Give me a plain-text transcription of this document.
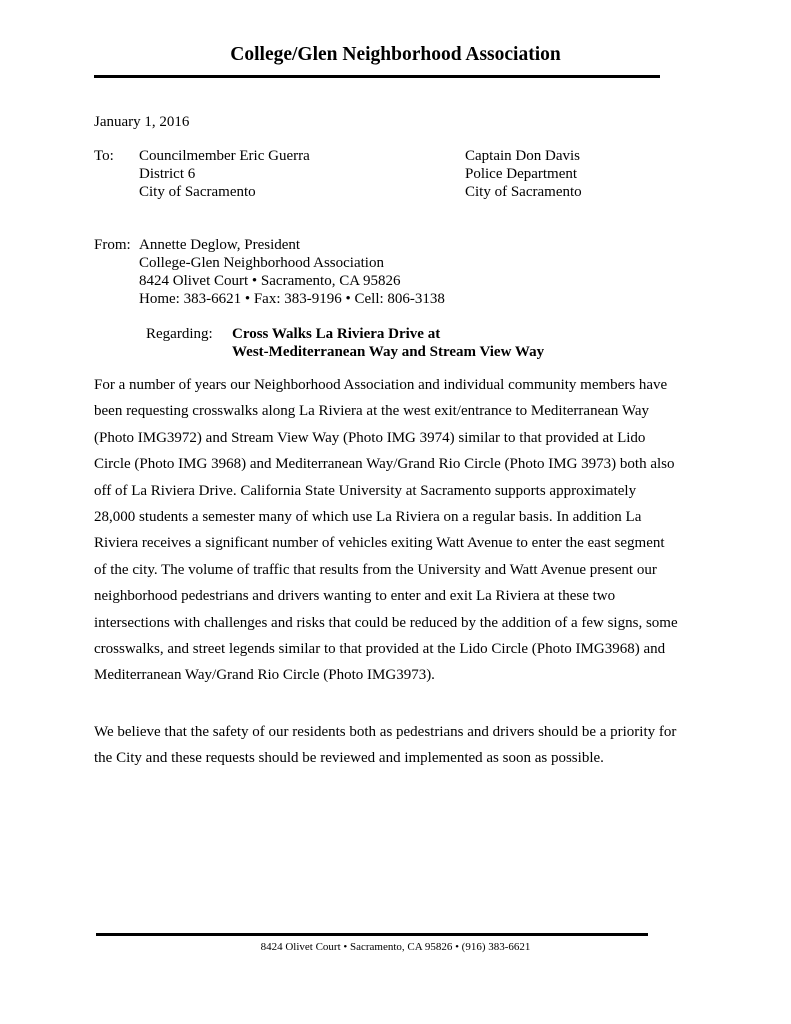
College/Glen Neighborhood Association
January 1, 2016
To: Councilmember Eric Guerra
District 6
City of Sacramento
Captain Don Davis
Police Department
City of Sacramento
From: Annette Deglow, President
College-Glen Neighborhood Association
8424 Olivet Court • Sacramento, CA 95826
Home: 383-6621 • Fax: 383-9196 • Cell: 806-3138
Regarding: Cross Walks La Riviera Drive at
West-Mediterranean Way and Stream View Way
For a number of years our Neighborhood Association and individual community members have
been requesting crosswalks along La Riviera at the west exit/entrance to Mediterranean Way
(Photo IMG3972) and Stream View Way (Photo IMG 3974) similar to that provided at Lido
Circle (Photo IMG 3968) and Mediterranean Way/Grand Rio Circle (Photo IMG 3973) both also
off of La Riviera Drive. California State University at Sacramento supports approximately
28,000 students a semester many of which use La Riviera on a regular basis. In addition La
Riviera receives a significant number of vehicles exiting Watt Avenue to enter the east segment
of the city. The volume of traffic that results from the University and Watt Avenue present our
neighborhood pedestrians and drivers wanting to enter and exit La Riviera at these two
intersections with challenges and risks that could be reduced by the addition of a few signs, some
crosswalks, and street legends similar to that provided at the Lido Circle (Photo IMG3968) and
Mediterranean Way/Grand Rio Circle (Photo IMG3973).
We believe that the safety of our residents both as pedestrians and drivers should be a priority for
the City and these requests should be reviewed and implemented as soon as possible.
8424 Olivet Court • Sacramento, CA 95826 • (916) 383-6621
